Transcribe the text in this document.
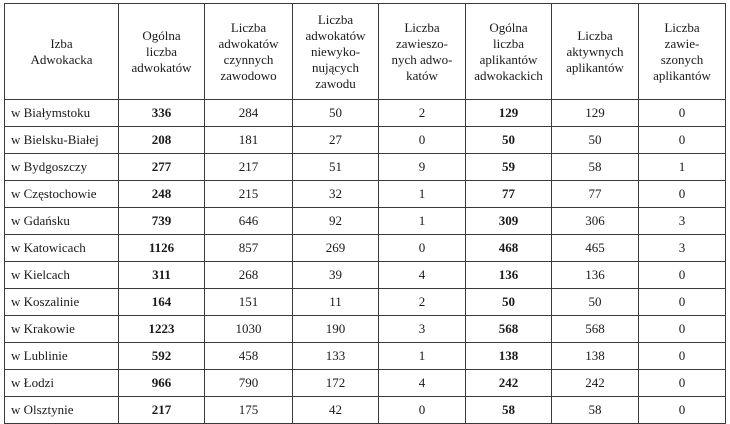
Izba
Adwokacka	Ogólna
liczba
adwokatów	Liczba
adwokatów
czynnych
zawodowo	Liczba
adwokatów
niewyko-
nujących
zawodu	Liczba
zawieszo-
nych adwo-
katów	Ogólna
liczba
aplikantów
adwokackich	Liczba
aktywnych
aplikantów	Liczba
zawie-
szonych
aplikantów

w Białymstoku	336	284	50	2	129	129	0
w Bielsku-Białej	208	181	27	0	50	50	0
w Bydgoszczy	277	217	51	9	59	58	1
w Częstochowie	248	215	32	1	77	77	0
w Gdańsku	739	646	92	1	309	306	3
w Katowicach	1126	857	269	0	468	465	3
w Kielcach	311	268	39	4	136	136	0
w Koszalinie	164	151	11	2	50	50	0
w Krakowie	1223	1030	190	3	568	568	0
w Lublinie	592	458	133	1	138	138	0
w Łodzi	966	790	172	4	242	242	0
w Olsztynie	217	175	42	0	58	58	0
